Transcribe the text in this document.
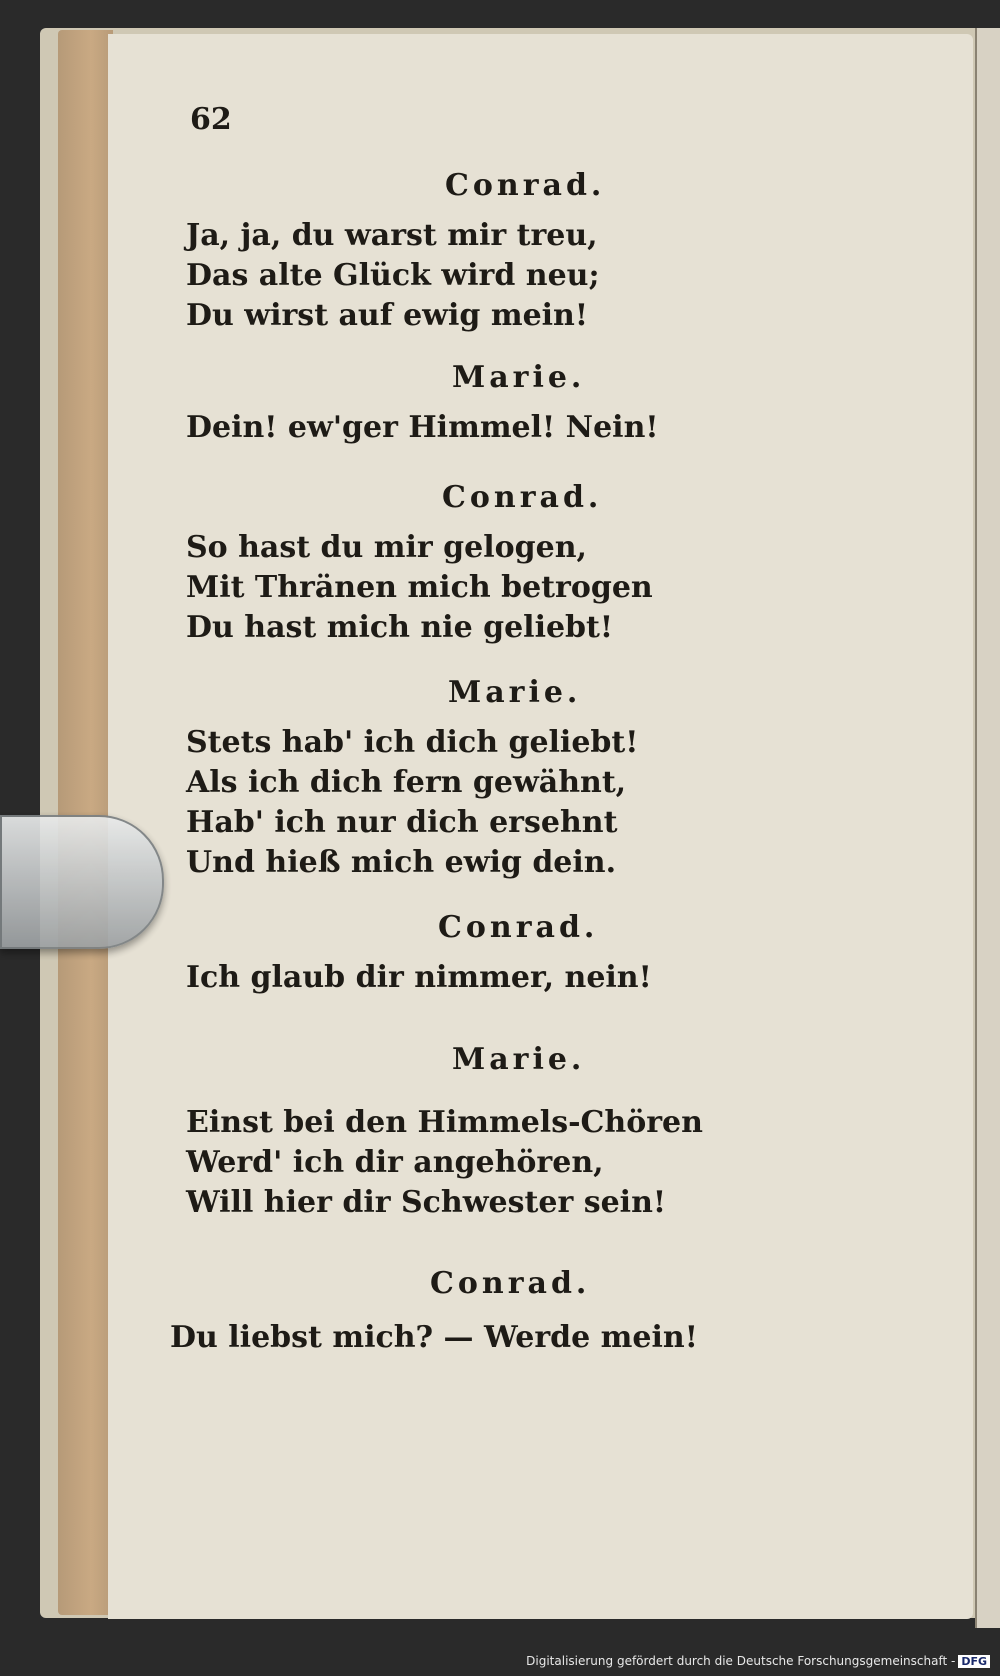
62
Conrad.
Ja, ja, du warst mir treu,
Das alte Glück wird neu;
Du wirst auf ewig mein!
Marie.
Dein! ew'ger Himmel! Nein!
Conrad.
So hast du mir gelogen,
Mit Thränen mich betrogen
Du hast mich nie geliebt!
Marie.
Stets hab' ich dich geliebt!
Als ich dich fern gewähnt,
Hab' ich nur dich ersehnt
Und hieß mich ewig dein.
Conrad.
Ich glaub dir nimmer, nein!
Marie.
Einst bei den Himmels-Chören
Werd' ich dir angehören,
Will hier dir Schwester sein!
Conrad.
Du liebst mich? — Werde mein!
Digitalisierung gefördert durch die Deutsche Forschungsgemeinschaft - DFG
